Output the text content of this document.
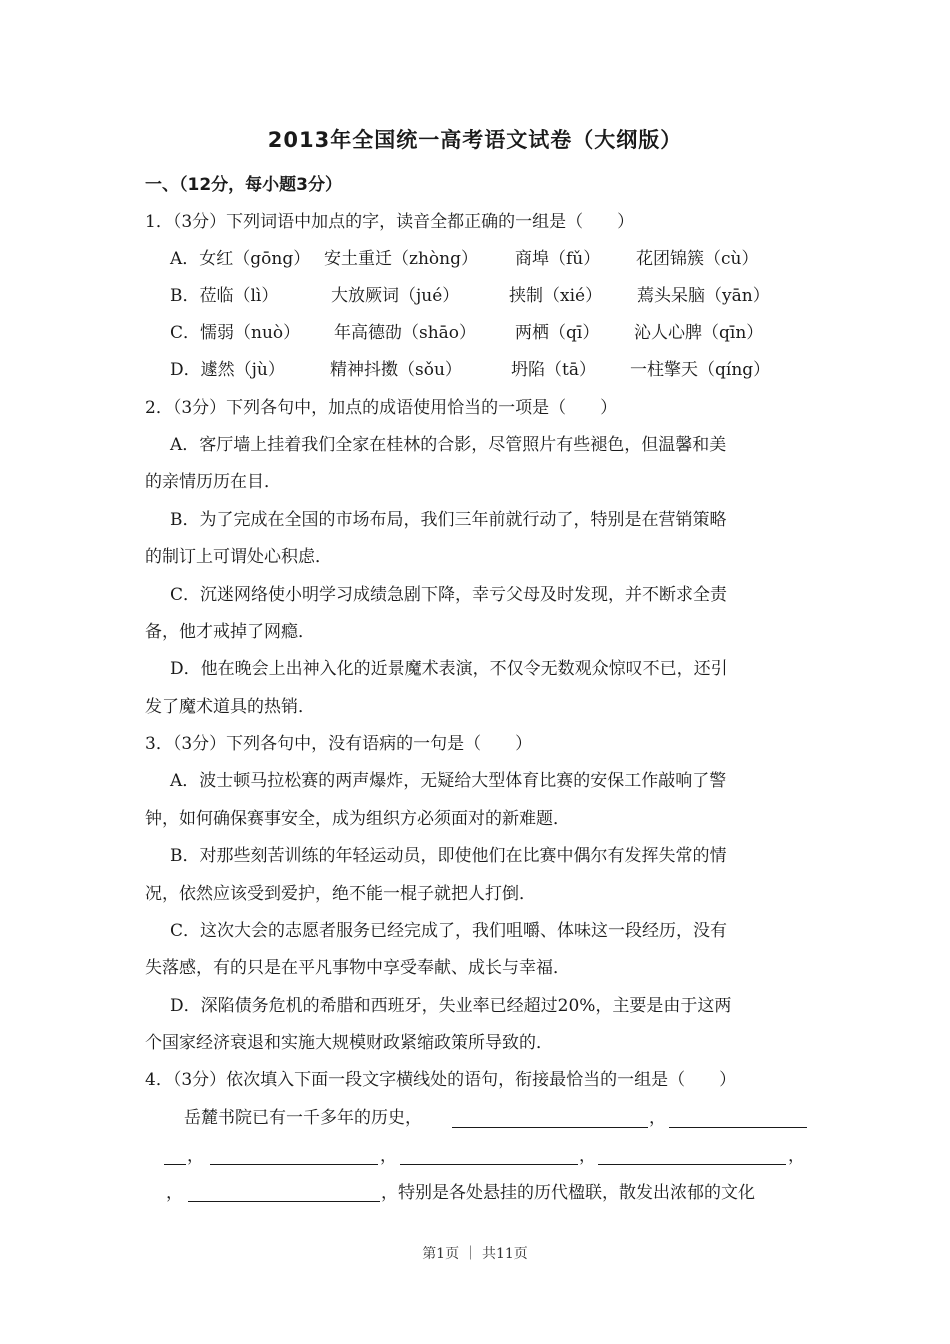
2013年全国统一高考语文试卷（大纲版）
一、（12分，每小题3分）
1．（3分）下列词语中加点的字，读音全都正确的一组是（　　）
A．女红（gōng） 安土重迁（zhòng） 商埠（fǔ） 花团锦簇（cù）
B．莅临（lì）	大放厥词（jué）	挟制（xié） 蔫头呆脑（yān）
C．懦弱（nuò） 年高德劭（shāo） 两栖（qī） 沁人心脾（qīn）
D．遽然（jù）	精神抖擞（sǒu）	坍陷（tā） 一柱擎天（qíng）
2．（3分）下列各句中，加点的成语使用恰当的一项是（　　）
A．客厅墙上挂着我们全家在桂林的合影，尽管照片有些褪色，但温馨和美
的亲情历历在目．
B．为了完成在全国的市场布局，我们三年前就行动了，特别是在营销策略
的制订上可谓处心积虑．
C．沉迷网络使小明学习成绩急剧下降，幸亏父母及时发现，并不断求全责
备，他才戒掉了网瘾．
D．他在晚会上出神入化的近景魔术表演，不仅令无数观众惊叹不已，还引
发了魔术道具的热销．
3．（3分）下列各句中，没有语病的一句是（　　）
A．波士顿马拉松赛的两声爆炸，无疑给大型体育比赛的安保工作敲响了警
钟，如何确保赛事安全，成为组织方必须面对的新难题．
B．对那些刻苦训练的年轻运动员，即使他们在比赛中偶尔有发挥失常的情
况，依然应该受到爱护，绝不能一棍子就把人打倒．
C．这次大会的志愿者服务已经完成了，我们咀嚼、体味这一段经历，没有
失落感，有的只是在平凡事物中享受奉献、成长与幸福．
D．深陷债务危机的希腊和西班牙，失业率已经超过20%，主要是由于这两
个国家经济衰退和实施大规模财政紧缩政策所导致的．
4．（3分）依次填入下面一段文字横线处的语句，衔接最恰当的一组是（　　）
岳麓书院已有一千多年的历史，	，
，	，	，	，
，	，特别是各处悬挂的历代楹联，散发出浓郁的文化
第1页 ｜ 共11页
